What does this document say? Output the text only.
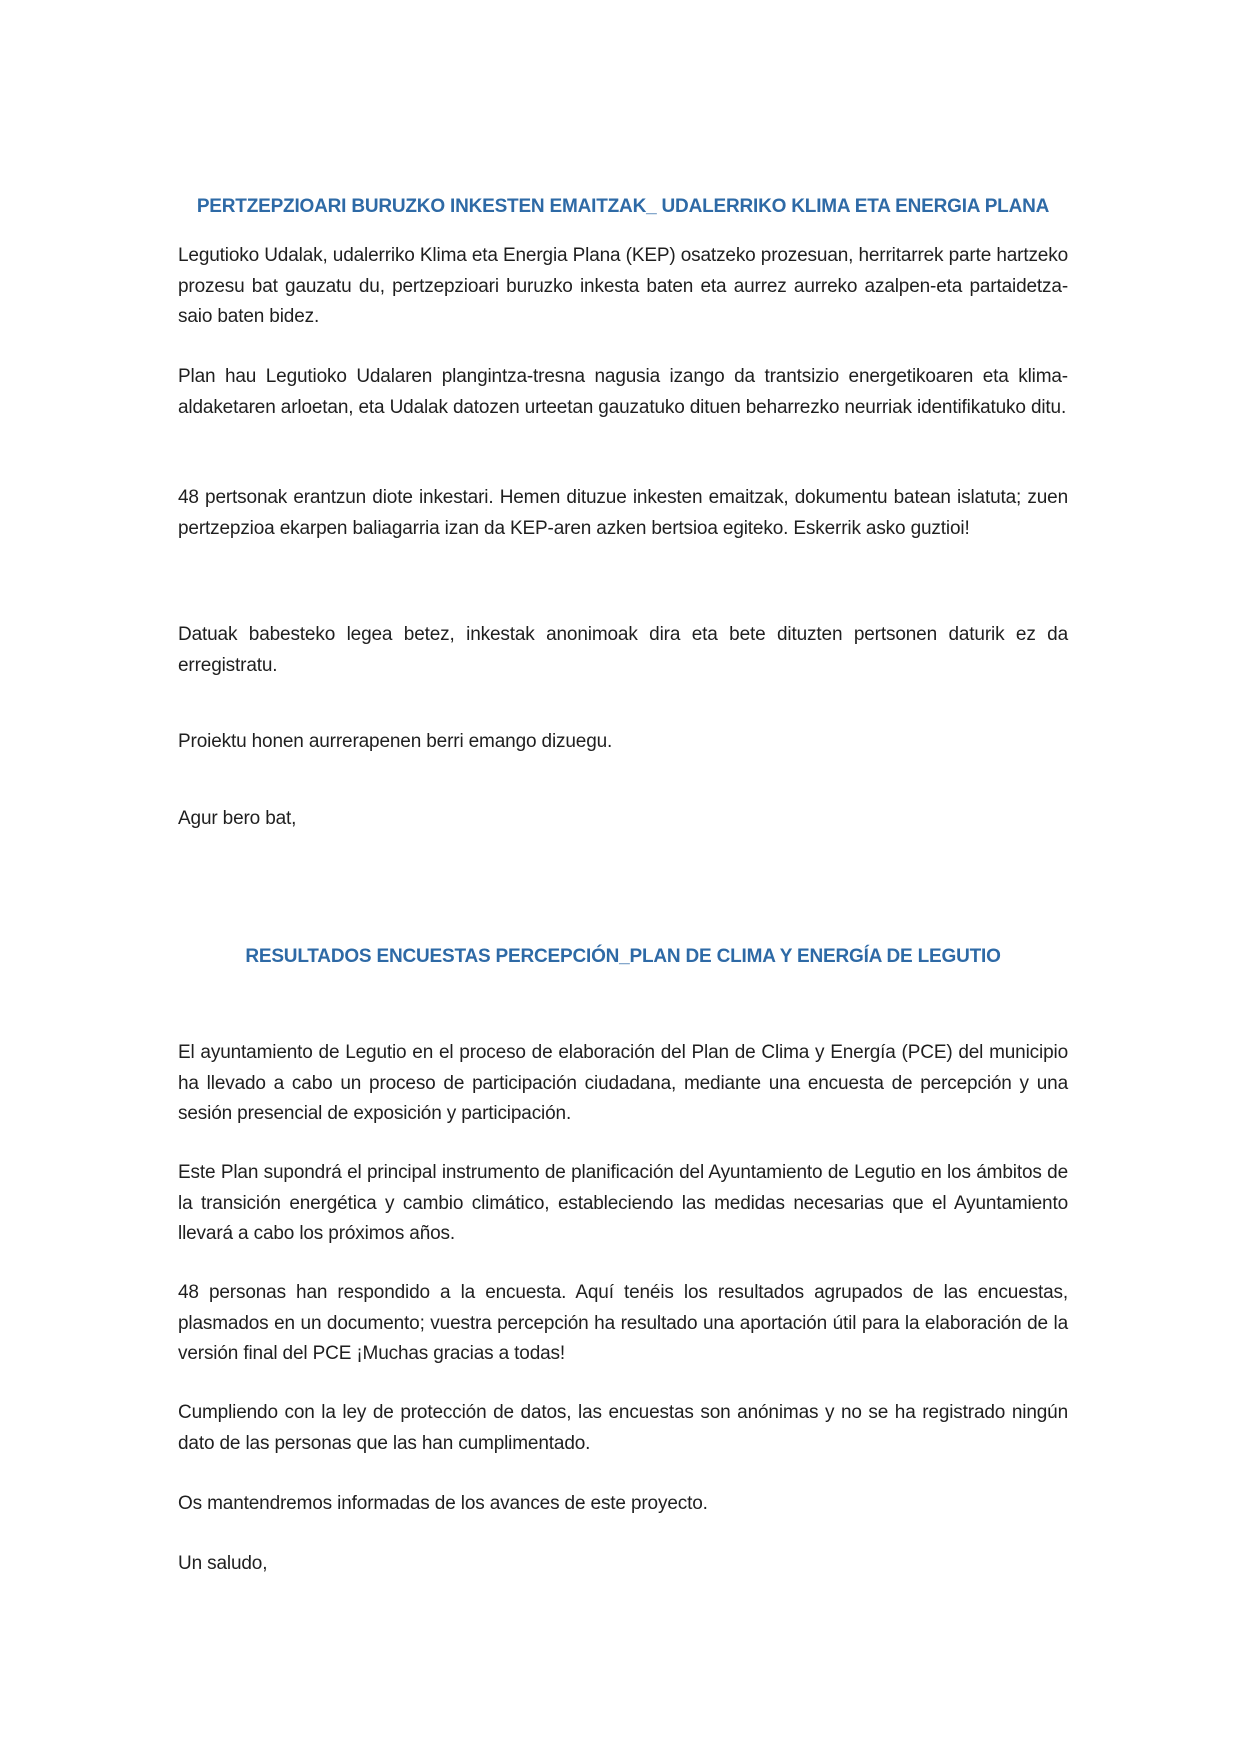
PERTZEPZIOARI BURUZKO INKESTEN EMAITZAK_ UDALERRIKO KLIMA ETA ENERGIA PLANA

Legutioko Udalak, udalerriko Klima eta Energia Plana (KEP) osatzeko prozesuan, herritarrek parte hartzeko prozesu bat gauzatu du, pertzepzioari buruzko inkesta baten eta aurrez aurreko azalpen-eta partaidetza-saio baten bidez.

Plan hau Legutioko Udalaren plangintza-tresna nagusia izango da trantsizio energetikoaren eta klima-aldaketaren arloetan, eta Udalak datozen urteetan gauzatuko dituen beharrezko neurriak identifikatuko ditu.

48 pertsonak erantzun diote inkestari. Hemen dituzue inkesten emaitzak, dokumentu batean islatuta; zuen pertzepzioa ekarpen baliagarria izan da KEP-aren azken bertsioa egiteko. Eskerrik asko guztioi!

Datuak babesteko legea betez, inkestak anonimoak dira eta bete dituzten pertsonen daturik ez da erregistratu.

Proiektu honen aurrerapenen berri emango dizuegu.

Agur bero bat,

RESULTADOS ENCUESTAS PERCEPCIÓN_PLAN DE CLIMA Y ENERGÍA DE LEGUTIO

El ayuntamiento de Legutio en el proceso de elaboración del Plan de Clima y Energía (PCE) del municipio ha llevado a cabo un proceso de participación ciudadana, mediante una encuesta de percepción y una sesión presencial de exposición y participación.

Este Plan supondrá el principal instrumento de planificación del Ayuntamiento de Legutio en los ámbitos de la transición energética y cambio climático, estableciendo las medidas necesarias que el Ayuntamiento llevará a cabo los próximos años.

48 personas han respondido a la encuesta. Aquí tenéis los resultados agrupados de las encuestas, plasmados en un documento; vuestra percepción ha resultado una aportación útil para la elaboración de la versión final del PCE ¡Muchas gracias a todas!

Cumpliendo con la ley de protección de datos, las encuestas son anónimas y no se ha registrado ningún dato de las personas que las han cumplimentado.

Os mantendremos informadas de los avances de este proyecto.

Un saludo,
